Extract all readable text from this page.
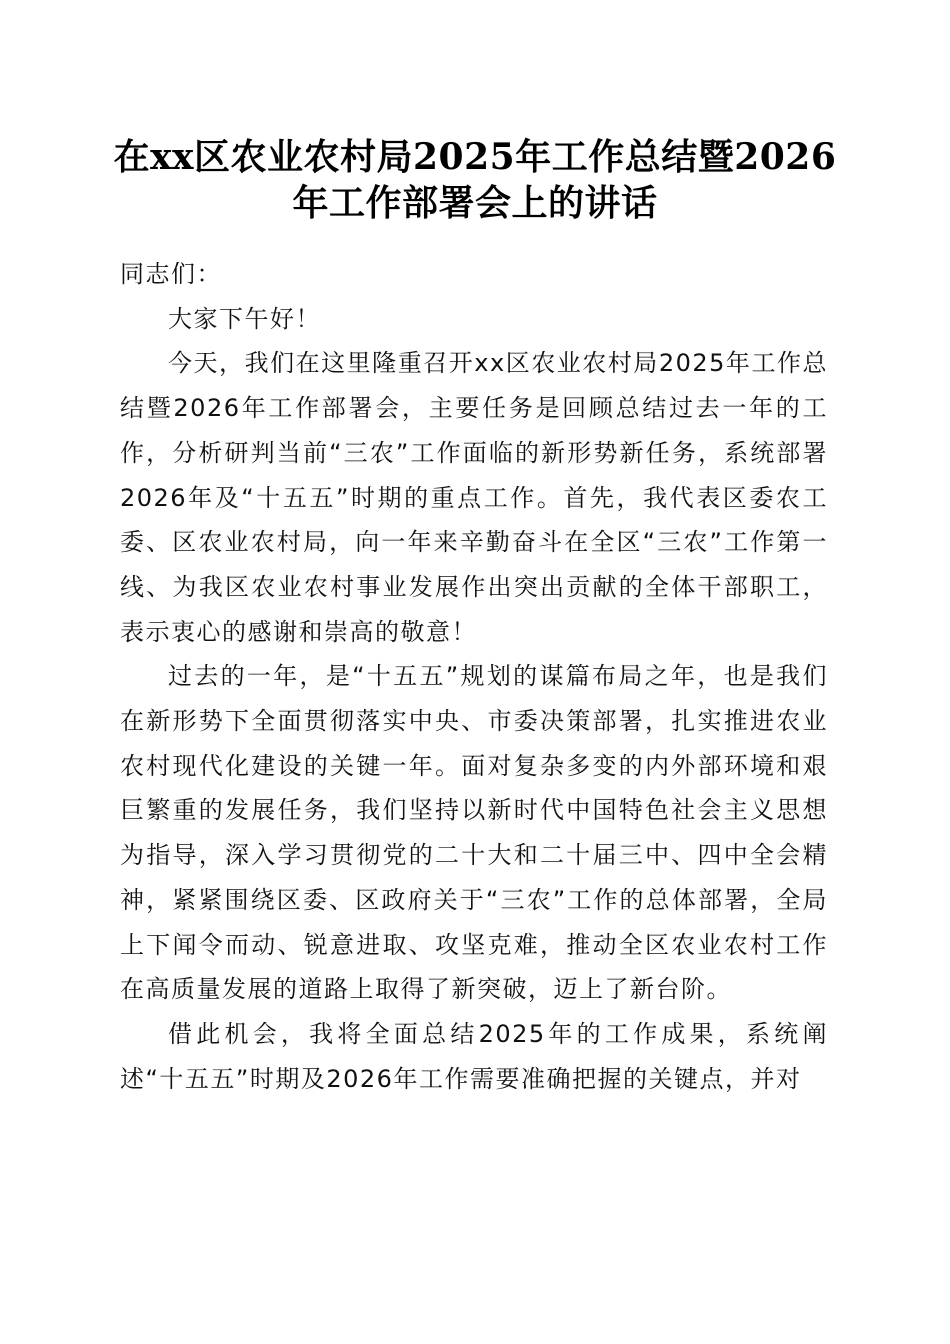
在xx区农业农村局2025年工作总结暨2026年工作部署会上的讲话

同志们：

大家下午好！

今天，我们在这里隆重召开xx区农业农村局2025年工作总结暨2026年工作部署会，主要任务是回顾总结过去一年的工作，分析研判当前“三农”工作面临的新形势新任务，系统部署2026年及“十五五”时期的重点工作。首先，我代表区委农工委、区农业农村局，向一年来辛勤奋斗在全区“三农”工作第一线、为我区农业农村事业发展作出突出贡献的全体干部职工，表示衷心的感谢和崇高的敬意！

过去的一年，是“十五五”规划的谋篇布局之年，也是我们在新形势下全面贯彻落实中央、市委决策部署，扎实推进农业农村现代化建设的关键一年。面对复杂多变的内外部环境和艰巨繁重的发展任务，我们坚持以新时代中国特色社会主义思想为指导，深入学习贯彻党的二十大和二十届三中、四中全会精神，紧紧围绕区委、区政府关于“三农”工作的总体部署，全局上下闻令而动、锐意进取、攻坚克难，推动全区农业农村工作在高质量发展的道路上取得了新突破，迈上了新台阶。

借此机会，我将全面总结2025年的工作成果，系统阐述“十五五”时期及2026年工作需要准确把握的关键点，并对
